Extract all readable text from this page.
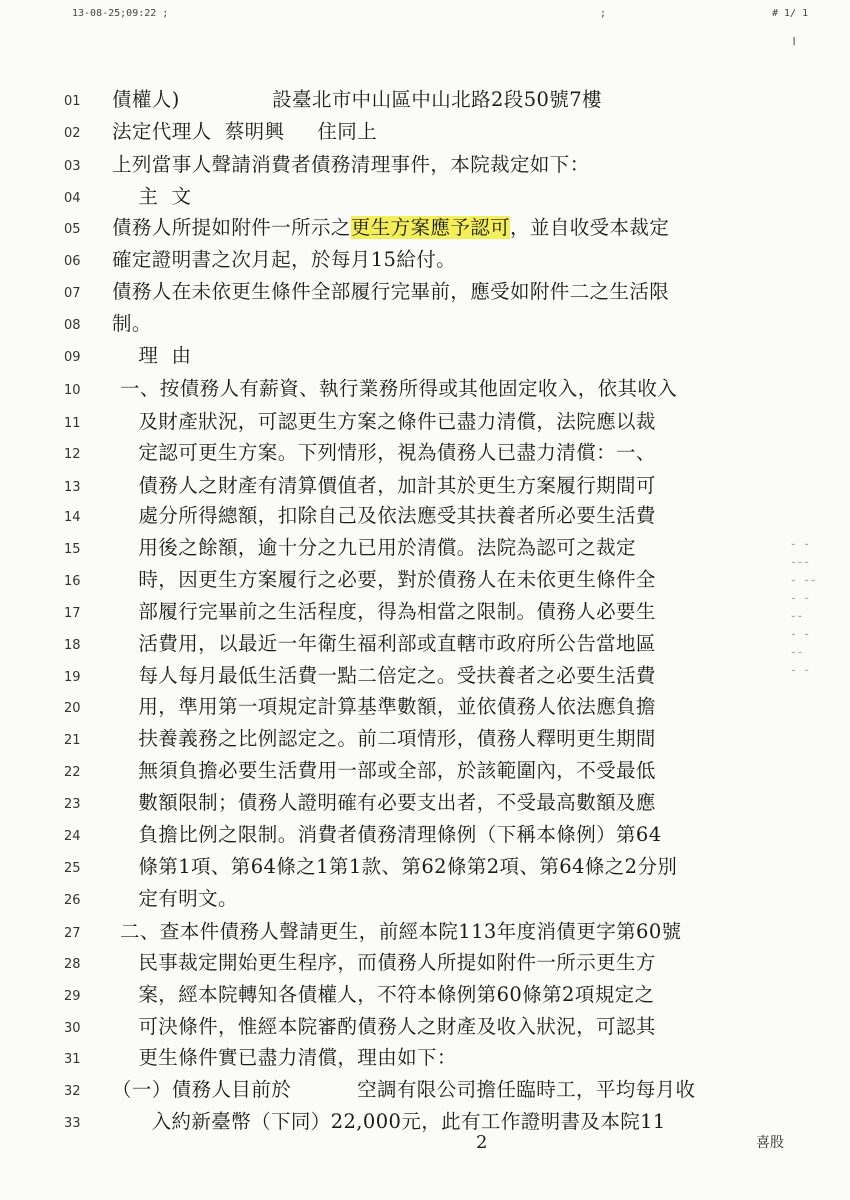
13-08-25;09:22 ;	;	# 1/ 1
╵
01	債權人)              設臺北市中山區中山北路2段50號7樓
02	法定代理人  蔡明興     住同上
03	上列當事人聲請消費者債務清理事件，本院裁定如下：
04	主  文
05	債務人所提如附件一所示之更生方案應予認可，並自收受本裁定
06	確定證明書之次月起，於每月15給付。
07	債務人在未依更生條件全部履行完畢前，應受如附件二之生活限
08	制。
09	理  由
10	一、按債務人有薪資、執行業務所得或其他固定收入，依其收入
11	及財產狀況，可認更生方案之條件已盡力清償，法院應以裁
12	定認可更生方案。下列情形，視為債務人已盡力清償：一、
13	債務人之財產有清算價值者，加計其於更生方案履行期間可
14	處分所得總額，扣除自己及依法應受其扶養者所必要生活費
15	用後之餘額，逾十分之九已用於清償。法院為認可之裁定
16	時，因更生方案履行之必要，對於債務人在未依更生條件全
17	部履行完畢前之生活程度，得為相當之限制。債務人必要生
18	活費用，以最近一年衛生福利部或直轄市政府所公告當地區
19	每人每月最低生活費一點二倍定之。受扶養者之必要生活費
20	用，準用第一項規定計算基準數額，並依債務人依法應負擔
21	扶養義務之比例認定之。前二項情形，債務人釋明更生期間
22	無須負擔必要生活費用一部或全部，於該範圍內，不受最低
23	數額限制；債務人證明確有必要支出者，不受最高數額及應
24	負擔比例之限制。消費者債務清理條例（下稱本條例）第64
25	條第1項、第64條之1第1款、第62條第2項、第64條之2分別
26	定有明文。
27	二、查本件債務人聲請更生，前經本院113年度消債更字第60號
28	民事裁定開始更生程序，而債務人所提如附件一所示更生方
29	案，經本院轉知各債權人，不符本條例第60條第2項規定之
30	可決條件，惟經本院審酌債務人之財產及收入狀況，可認其
31	更生條件實已盡力清償，理由如下：
32	（一）債務人目前於	空調有限公司擔任臨時工，平均每月收
33	入約新臺幣（下同）22,000元，此有工作證明書及本院11
˘ ˘
˘˘˘
˘ ˘˘
˘ ˘
˘˘
˘ ˘
˘˘
˘ ˘
2	喜股
